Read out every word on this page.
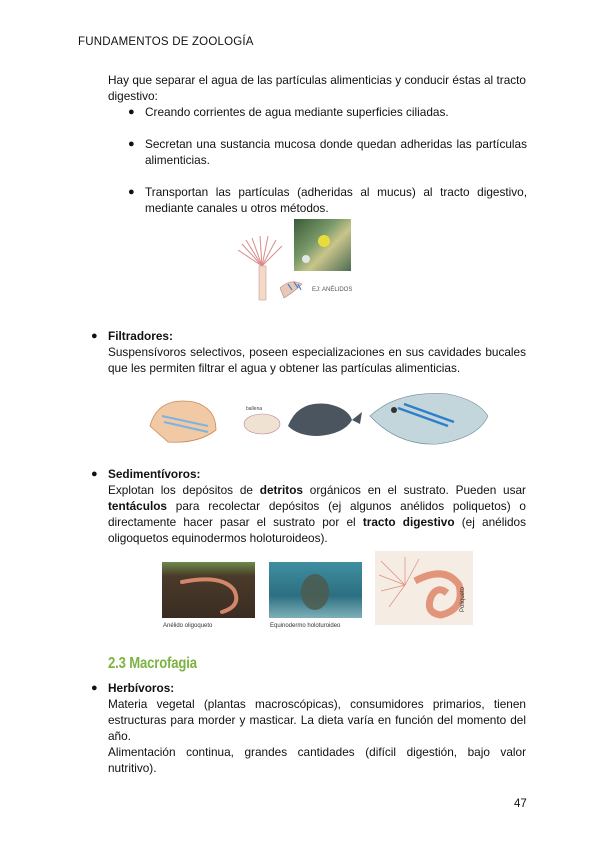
FUNDAMENTOS DE ZOOLOGÍA
Hay que separar el agua de las partículas alimenticias y conducir éstas al tracto digestivo:
● Creando corrientes de agua mediante superficies ciliadas.
● Secretan una sustancia mucosa donde quedan adheridas las partículas alimenticias.
● Transportan las partículas (adheridas al mucus) al tracto digestivo, mediante canales u otros métodos.
EJ: ANÉLIDOS
● Filtradores:
Suspensívoros selectivos, poseen especializaciones en sus cavidades bucales que les permiten filtrar el agua y obtener las partículas alimenticias.
ballena
● Sedimentívoros:
Explotan los depósitos de detritos orgánicos en el sustrato. Pueden usar tentáculos para recolectar depósitos (ej algunos anélidos poliquetos) o directamente hacer pasar el sustrato por el tracto digestivo (ej anélidos oligoquetos equinodermos holoturoideos).
Anélido oligoqueto	Equinodermo holoturoideo
Poliqueto
2.3 Macrofagia
● Herbívoros:
Materia vegetal (plantas macroscópicas), consumidores primarios, tienen estructuras para morder y masticar. La dieta varía en función del momento del año.
Alimentación continua, grandes cantidades (difícil digestión, bajo valor nutritivo).
47
